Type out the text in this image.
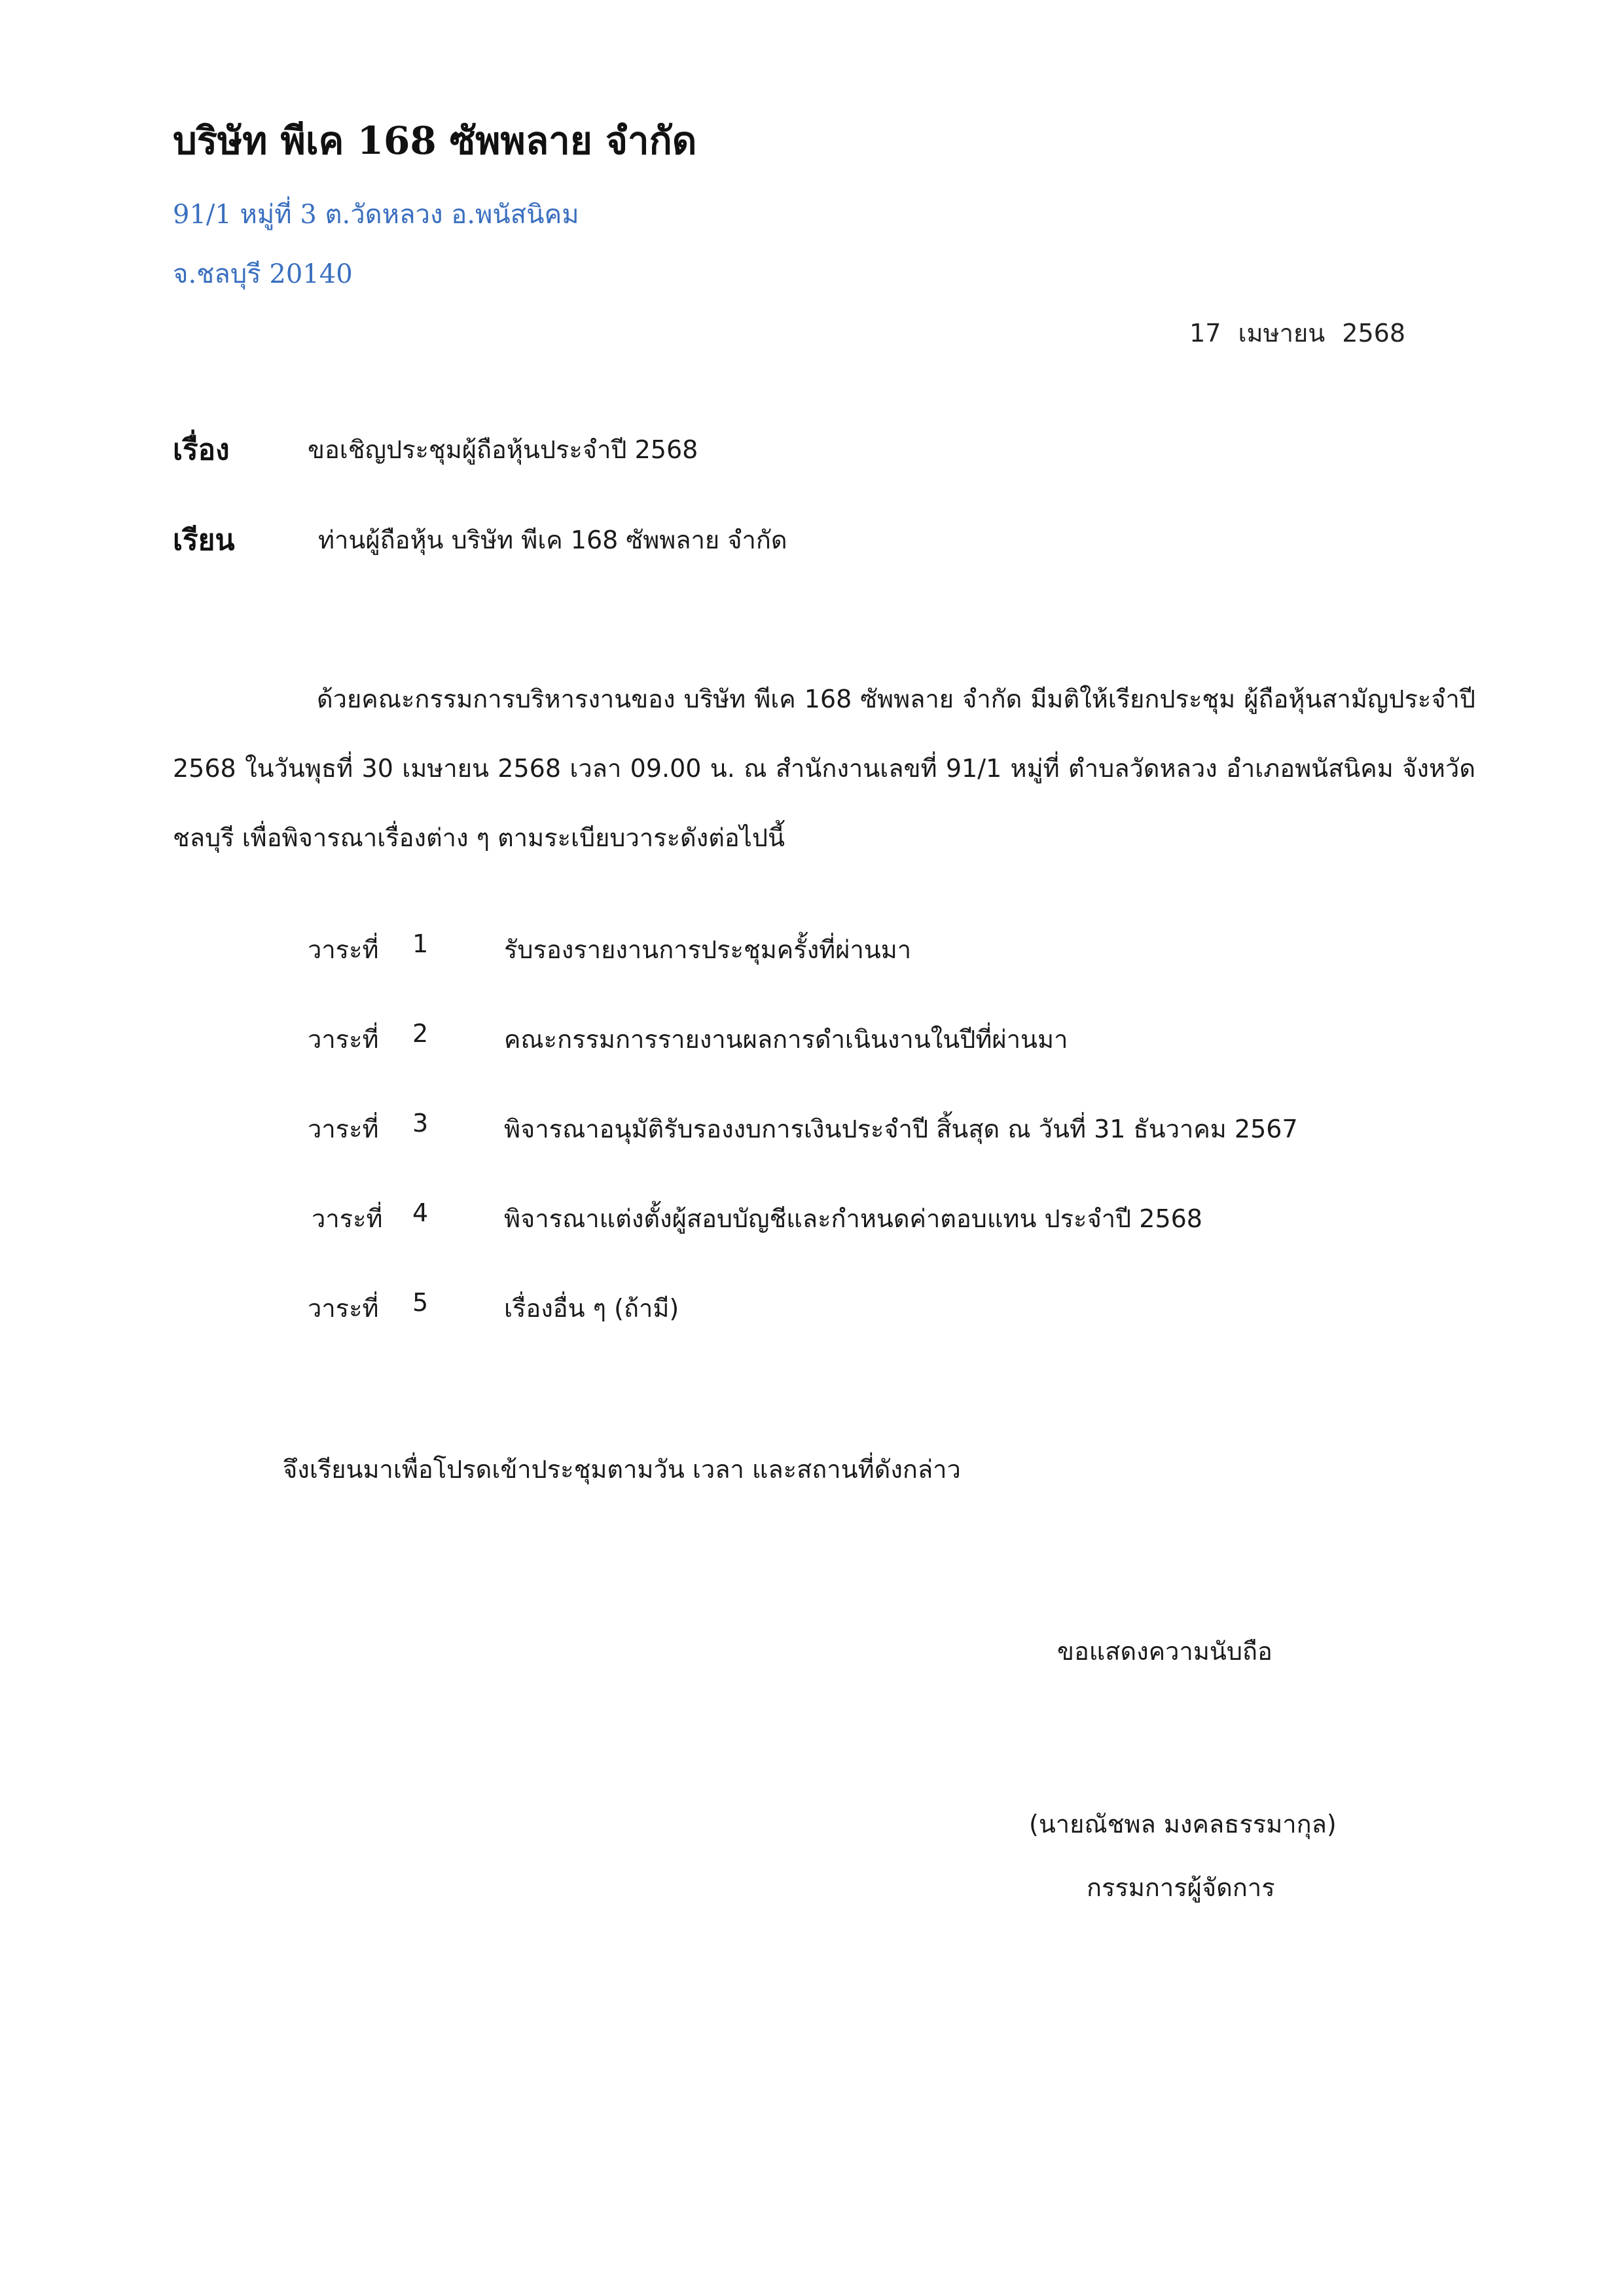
บริษัท พีเค 168 ซัพพลาย จำกัด
91/1 หมู่ที่ 3 ต.วัดหลวง อ.พนัสนิคม
จ.ชลบุรี 20140
17 เมษายน 2568
เรื่อง	ขอเชิญประชุมผู้ถือหุ้นประจำปี 2568
เรียน	ท่านผู้ถือหุ้น บริษัท พีเค 168 ซัพพลาย จำกัด
ด้วยคณะกรรมการบริหารงานของ บริษัท พีเค 168 ซัพพลาย จำกัด มีมติให้เรียกประชุม ผู้ถือหุ้นสามัญประจำปี 2568 ในวันพุธที่ 30 เมษายน 2568 เวลา 09.00 น. ณ สำนักงานเลขที่ 91/1 หมู่ที่ ตำบลวัดหลวง อำเภอพนัสนิคม จังหวัดชลบุรี เพื่อพิจารณาเรื่องต่าง ๆ ตามระเบียบวาระดังต่อไปนี้
วาระที่ 1	รับรองรายงานการประชุมครั้งที่ผ่านมา
วาระที่ 2	คณะกรรมการรายงานผลการดำเนินงานในปีที่ผ่านมา
วาระที่ 3	พิจารณาอนุมัติรับรองงบการเงินประจำปี สิ้นสุด ณ วันที่ 31 ธันวาคม 2567
วาระที่ 4	พิจารณาแต่งตั้งผู้สอบบัญชีและกำหนดค่าตอบแทน ประจำปี 2568
วาระที่ 5	เรื่องอื่น ๆ (ถ้ามี)
จึงเรียนมาเพื่อโปรดเข้าประชุมตามวัน เวลา และสถานที่ดังกล่าว
ขอแสดงความนับถือ
(นายณัชพล มงคลธรรมากุล)
กรรมการผู้จัดการ
